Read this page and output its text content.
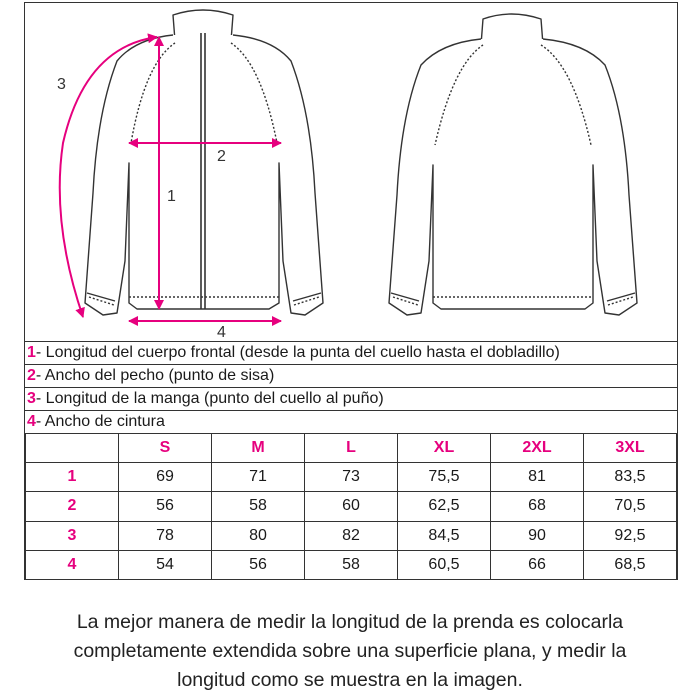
1
2
3
4
1- Longitud del cuerpo frontal (desde la punta del cuello hasta el dobladillo)
2- Ancho del pecho (punto de sisa)
3- Longitud de la manga (punto del cuello al puño)
4- Ancho de cintura
	S	M	L	XL	2XL	3XL
1	69	71	73	75,5	81	83,5
2	56	58	60	62,5	68	70,5
3	78	80	82	84,5	90	92,5
4	54	56	58	60,5	66	68,5
La mejor manera de medir la longitud de la prenda es colocarla
completamente extendida sobre una superficie plana, y medir la
longitud como se muestra en la imagen.
